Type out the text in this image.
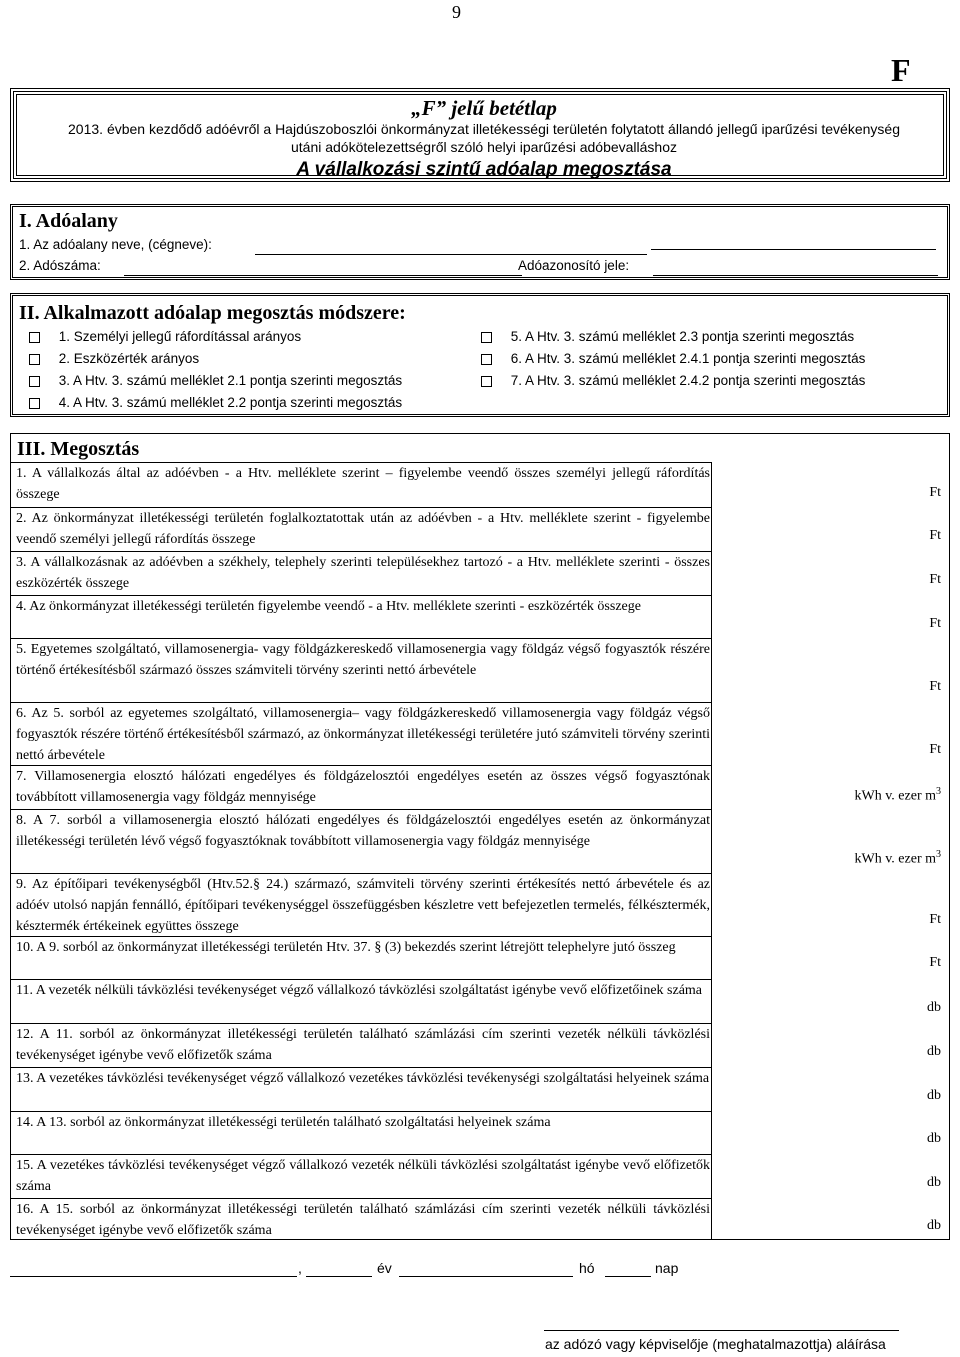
9
F
„F” jelű betétlap
2013. évben kezdődő adóévről a Hajdúszoboszlói önkormányzat illetékességi területén folytatott állandó jellegű iparűzési tevékenység
utáni adókötelezettségről szóló helyi iparűzési adóbevalláshoz
A vállalkozási szintű adóalap megosztása
I. Adóalany
1. Az adóalany neve, (cégneve):
2. Adószáma:	Adóazonosító jele:
II. Alkalmazott adóalap megosztás módszere:
1. Személyi jellegű ráfordítással arányos
2. Eszközérték arányos
3. A Htv. 3. számú melléklet 2.1 pontja szerinti megosztás
4. A Htv. 3. számú melléklet 2.2 pontja szerinti megosztás
5. A Htv. 3. számú melléklet 2.3 pontja szerinti megosztás
6. A Htv. 3. számú melléklet 2.4.1 pontja szerinti megosztás
7. A Htv. 3. számú melléklet 2.4.2 pontja szerinti megosztás
III. Megosztás
1. A vállalkozás által az adóévben - a Htv. melléklete szerint – figyelembe veendő összes személyi jellegű ráfordítás összege	Ft
2. Az önkormányzat illetékességi területén foglalkoztatottak után az adóévben - a Htv. melléklete szerint - figyelembe veendő személyi jellegű ráfordítás összege	Ft
3. A vállalkozásnak az adóévben a székhely, telephely szerinti településekhez tartozó - a Htv. melléklete szerinti - összes eszközérték összege	Ft
4. Az önkormányzat illetékességi területén figyelembe veendő - a Htv. melléklete szerinti - eszközérték összege
Ft
5. Egyetemes szolgáltató, villamosenergia- vagy földgázkereskedő villamosenergia vagy földgáz végső fogyasztók részére történő értékesítésből származó összes számviteli törvény szerinti nettó árbevétele
Ft
6. Az 5. sorból az egyetemes szolgáltató, villamosenergia– vagy földgázkereskedő villamosenergia vagy földgáz végső fogyasztók részére történő értékesítésből származó, az önkormányzat illetékességi területére jutó számviteli törvény szerinti nettó árbevétele	Ft
7. Villamosenergia elosztó hálózati engedélyes és földgázelosztói engedélyes esetén az összes végső fogyasztónak továbbított villamosenergia vagy földgáz mennyisége	kWh v. ezer $m^3$
8. A 7. sorból a villamosenergia elosztó hálózati engedélyes és földgázelosztói engedélyes esetén az önkormányzat illetékességi területén lévő végső fogyasztóknak továbbított villamosenergia vagy földgáz mennyisége
kWh v. ezer $m^3$
9. Az építőipari tevékenységből (Htv.52.§ 24.) származó, számviteli törvény szerinti értékesítés nettó árbevétele és az adóév utolsó napján fennálló, építőipari tevékenységgel összefüggésben készletre vett befejezetlen termelés, félkésztermék, késztermék értékeinek együttes összege	Ft
10. A 9. sorból az önkormányzat illetékességi területén Htv. 37. § (3) bekezdés szerint létrejött telephelyre jutó összeg
Ft
11. A vezeték nélküli távközlési tevékenységet végző vállalkozó távközlési szolgáltatást igénybe vevő előfizetőinek száma
db
12. A 11. sorból az önkormányzat illetékességi területén található számlázási cím szerinti vezeték nélküli távközlési tevékenységet igénybe vevő előfizetők száma	db
13. A vezetékes távközlési tevékenységet végző vállalkozó vezetékes távközlési tevékenységi szolgáltatási helyeinek száma
db
14. A 13. sorból az önkormányzat illetékességi területén található szolgáltatási helyeinek száma
db
15. A vezetékes távközlési tevékenységet végző vállalkozó vezeték nélküli távközlési szolgáltatást igénybe vevő előfizetők száma	db
16. A 15. sorból az önkormányzat illetékességi területén található számlázási cím szerinti vezeték nélküli távközlési tevékenységet igénybe vevő előfizetők száma	db
,	év	hó	nap
az adózó vagy képviselője (meghatalmazottja) aláírása
